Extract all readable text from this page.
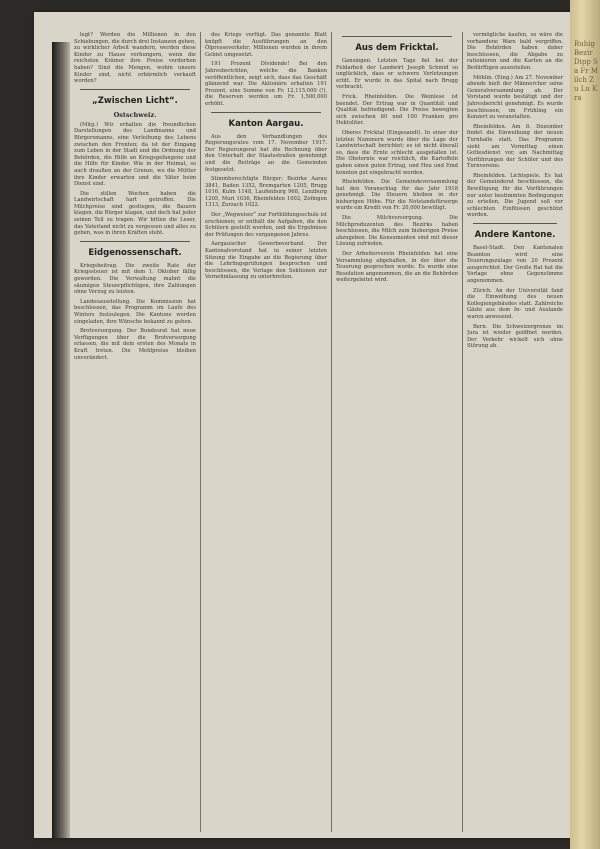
legt? Werden die Millionen in den Schiebungen, die durch drei Instanzen gehen, zu wirklicher Arbeit wandern, werden diese Kinder zu Hause verhungern, wenn die reichsten Krämer ihre Preise verdorben haben? Sind die Mengen, wohin unsere Kinder sind, nicht erbärmlich verkauft worden?

„Zwischen Licht“.
Ostschweiz.

(Mitg.) Wir erhalten die freundlichen Darstellungen des Landmanns und Bürgersmanns, eine Verleihung des Lebens zwischen den Fronten; da ist der Eingang zum Leben in der Stadt und die Ordnung der Behörden, die Hilfe an Kriegsgefangene und die Hilfe für Kinder. Wie in der Heimat, so auch draußen an der Grenze, wo die Mütter ihre Kinder erwarten und die Väter beim Dienst sind.

Die stillen Wochen haben die Landwirtschaft hart getroffen. Die Milchpreise sind gestiegen, die Bauern klagen, die Bürger klagen, und doch hat jeder seinen Teil zu tragen. Wir bitten die Leser, das Vaterland nicht zu vergessen und alles zu geben, was in ihren Kräften steht.

Eidgenossenschaft.

Kriegsbeitrag. Die zweite Rate der Kriegssteuer ist mit dem 1. Oktober fällig geworden. Die Verwaltung mahnt die säumigen Steuerpflichtigen, ihre Zahlungen ohne Verzug zu leisten.

Landesausstellung. Die Kommission hat beschlossen, das Programm im Laufe des Winters festzulegen. Die Kantone werden eingeladen, ihre Wünsche bekannt zu geben.

Brotversorgung. Der Bundesrat hat neue Verfügungen über die Brotversorgung erlassen, die mit dem ersten des Monats in Kraft treten. Die Mehlpreise bleiben unverändert.

des Kriegs verfügt. Das genannte Blatt knüpft die Ausführungen an den Ölpresseverkehr; Millionen wurden in ihrem Gebiet umgesetzt.

191 Prozent Dividende! Bei den Jahresberichten, welche die Banken veröffentlichen, zeigt sich, dass das Geschäft glänzend war. Die Aktionäre erhalten 191 Prozent, eine Summe von Fr. 12,115,000 (!), die Reserven werden um Fr. 1,500,000 erhöht.

Kanton Aargau.

Aus den Verhandlungen des Regierungsrates vom 17. November 1917. Der Regierungsrat hat die Rechnung über den Unterhalt der Staatsstraßen genehmigt und die Beiträge an die Gemeinden festgesetzt.

Stimmberechtigte Bürger: Bezirke Aarau 3841, Baden 1352, Bremgarten 1205, Brugg 1016, Kulm 1148, Laufenburg 968, Lenzburg 1205, Muri 1036, Rheinfelden 1002, Zofingen 1313, Zurzach 1022.

Der „Wegweiser“ zur Fortbildungsschule ist erschienen; er enthält die Aufgaben, die den Schülern gestellt werden, und die Ergebnisse der Prüfungen des vergangenen Jahres.

Aargauischer Gewerbeverband. Der Kantonalvorstand hat in seiner letzten Sitzung die Eingabe an die Regierung über die Lehrlingsprüfungen besprochen und beschlossen, die Vorlage den Sektionen zur Vernehmlassung zu unterbreiten.

Aus dem Fricktal.

Gansingen. Letzten Tage fiel bei der Feldarbeit der Landwirt Joseph Schmid so unglücklich, dass er schwere Verletzungen erlitt. Er wurde in das Spital nach Brugg verbracht.

Frick. Rheinfelden. Die Weinlese ist beendet. Der Ertrag war in Quantität und Qualität befriedigend. Die Preise bewegten sich zwischen 80 und 100 Franken pro Hektoliter.

Oberes Fricktal (Eingesandt). In einer der letzten Nummern wurde über die Lage der Landwirtschaft berichtet; es ist nicht überall so, dass die Ernte schlecht ausgefallen ist. Die Obsternte war reichlich, die Kartoffeln gaben einen guten Ertrag, und Heu und Emd konnten gut eingebracht werden.

Rheinfelden. Die Gemeindeversammlung hat den Voranschlag für das Jahr 1918 genehmigt. Die Steuern bleiben in der bisherigen Höhe. Für die Notstandsfürsorge wurde ein Kredit von Fr. 20,000 bewilligt.

Die Milchversorgung. Die Milchproduzenten des Bezirks haben beschlossen, die Milch zum bisherigen Preise abzugeben. Die Konsumenten sind mit dieser Lösung zufrieden.

Der Arbeiterverein Rheinfelden hat eine Versammlung abgehalten, in der über die Teuerung gesprochen wurde. Es wurde eine Resolution angenommen, die an die Behörden weitergeleitet wird.

vermögliche kaufen, so wäre die vorhandene Ware bald vergriffen. Die Behörden haben daher beschlossen, die Abgabe zu rationieren und die Karten an die Bedürftigen auszuteilen.

Möhlin. (Eing.) Am 27. November abends hielt der Männerchor seine Generalversammlung ab. Der Vorstand wurde bestätigt und der Jahresbericht genehmigt. Es wurde beschlossen, im Frühling ein Konzert zu veranstalten.

Rheinfelden. Am 8. Dezember findet die Einweihung der neuen Turnhalle statt. Das Programm sieht am Vormittag einen Gottesdienst vor, am Nachmittag Vorführungen der Schüler und des Turnvereins.

Rheinfelden. Lichtspiele. Es hat der Gemeinderat beschlossen, die Bewilligung für die Vorführungen nur unter bestimmten Bedingungen zu erteilen. Die Jugend soll vor schlechten Einflüssen geschützt werden.

Andere Kantone.

Basel-Stadt. Den Kantonalen Beamten wird eine Teuerungszulage von 20 Prozent ausgerichtet. Der Große Rat hat die Vorlage ohne Gegenstimme angenommen.

Zürich. An der Universität fand die Einweihung des neuen Kollegiengebäudes statt. Zahlreiche Gäste aus dem In- und Auslande waren anwesend.

Bern. Die Schweizergrenze im Jura ist wieder geöffnet worden. Der Verkehr wickelt sich ohne Störung ab.

Ruhig Bezir Dipp Sa Fr Milch Zu Lu Kra
